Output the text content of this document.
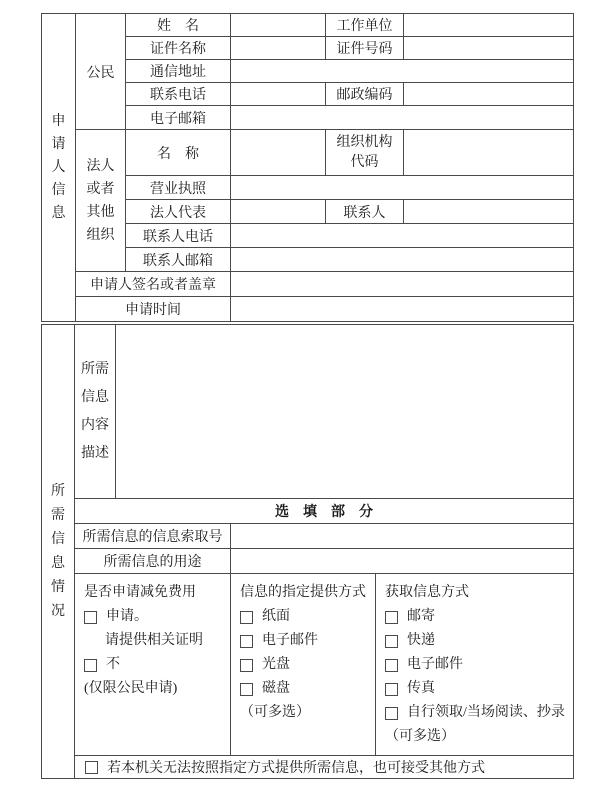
申请人信息	公民	姓　名		工作单位	
		证件名称		证件号码	
		通信地址			
		联系电话		邮政编码	
		电子邮箱			

	法人或者其他组织	名　称		组织机构代码	

		营业执照			
		法人代表		联系人	
		联系人电话			
		联系人邮箱			
	申请人签名或者盖章				
	申请时间				
所需信息情况	所需信息内容描述			

	选　填　部　分			
	所需信息的信息索取号			
	所需信息的用途			

是否申请减免费用
申请。
请提供相关证明
不
(仅限公民申请)

信息的指定提供方式
纸面
电子邮件
光盘
磁盘
（可多选）

获取信息方式
邮寄
快递
电子邮件
传真
自行领取/当场阅读、抄录
（可多选）

	若本机关无法按照指定方式提供所需信息，也可接受其他方式			
